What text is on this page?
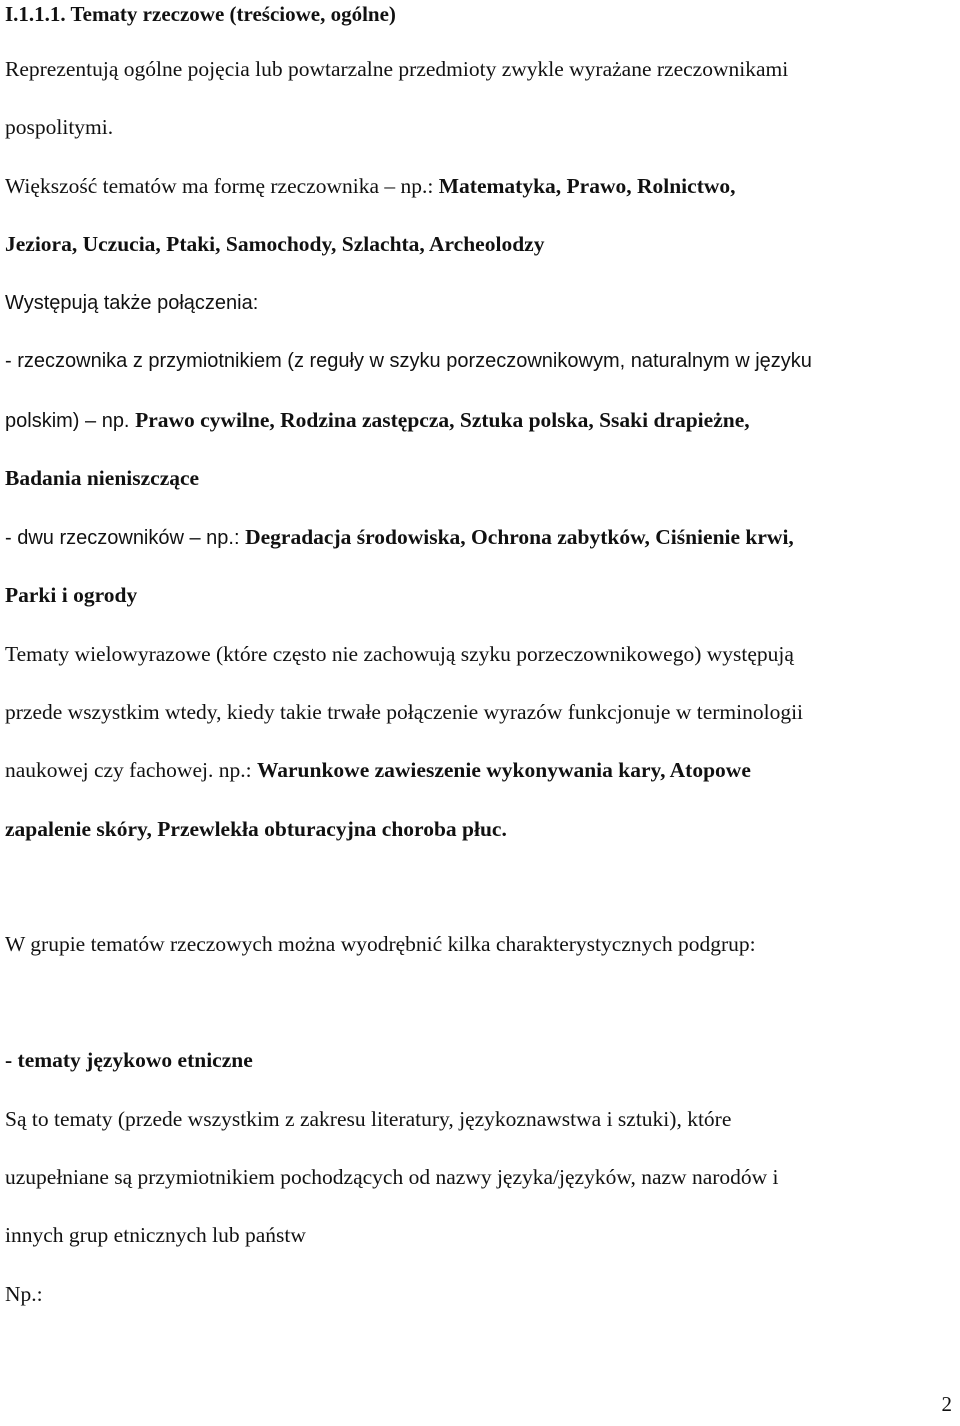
I.1.1.1. Tematy rzeczowe (treściowe, ogólne)
Reprezentują ogólne pojęcia lub powtarzalne przedmioty zwykle wyrażane rzeczownikami
pospolitymi.
Większość tematów ma formę rzeczownika – np.: Matematyka, Prawo, Rolnictwo,
Jeziora, Uczucia, Ptaki, Samochody, Szlachta, Archeolodzy
Występują także połączenia:
- rzeczownika z przymiotnikiem (z reguły w szyku porzeczownikowym, naturalnym w języku
polskim) – np. Prawo cywilne, Rodzina zastępcza, Sztuka polska, Ssaki drapieżne,
Badania nieniszczące
- dwu rzeczowników – np.: Degradacja środowiska, Ochrona zabytków, Ciśnienie krwi,
Parki i ogrody
Tematy wielowyrazowe (które często nie zachowują szyku porzeczownikowego) występują
przede wszystkim wtedy, kiedy takie trwałe połączenie wyrazów funkcjonuje w terminologii
naukowej czy fachowej. np.: Warunkowe zawieszenie wykonywania kary, Atopowe
zapalenie skóry, Przewlekła obturacyjna choroba płuc.
W grupie tematów rzeczowych można wyodrębnić kilka charakterystycznych podgrup:
- tematy językowo etniczne
Są to tematy (przede wszystkim z zakresu literatury, językoznawstwa i sztuki), które
uzupełniane są przymiotnikiem pochodzących od nazwy języka/języków, nazw narodów i
innych grup etnicznych lub państw
Np.:
2
